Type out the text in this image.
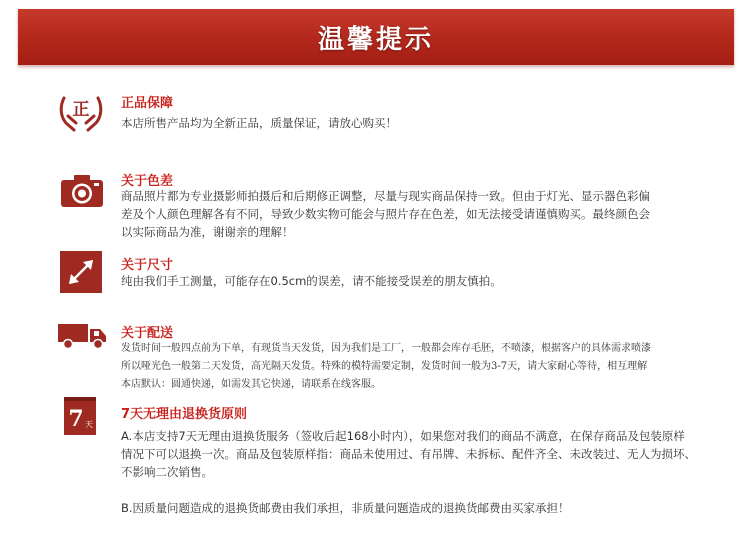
温馨提示
正 正品保障
本店所售产品均为全新正品，质量保证，请放心购买！
关于色差
商品照片都为专业摄影师拍摄后和后期修正调整，尽量与现实商品保持一致。但由于灯光、显示器色彩偏
差及个人颜色理解各有不同，导致少数实物可能会与照片存在色差，如无法接受请谨慎购买。最终颜色会
以实际商品为准，谢谢亲的理解！
关于尺寸
纯由我们手工测量，可能存在0.5cm的误差，请不能接受误差的朋友慎拍。
关于配送
发货时间一般四点前为下单，有现货当天发货，因为我们是工厂，一般都会库存毛胚，不喷漆，根据客户的具体需求喷漆
所以哑光色一般第二天发货，高光隔天发货。特殊的模特需要定制，发货时间一般为3-7天，请大家耐心等待，相互理解
本店默认：圆通快递，如需发其它快递，请联系在线客服。
7 天
7天无理由退换货原则
A.本店支持7天无理由退换货服务（签收后起168小时内），如果您对我们的商品不满意，在保存商品及包装原样
情况下可以退换一次。商品及包装原样指：商品未使用过、有吊牌、未拆标、配件齐全、未改装过、无人为损坏、
不影响二次销售。

B.因质量问题造成的退换货邮费由我们承担，非质量问题造成的退换货邮费由买家承担！
